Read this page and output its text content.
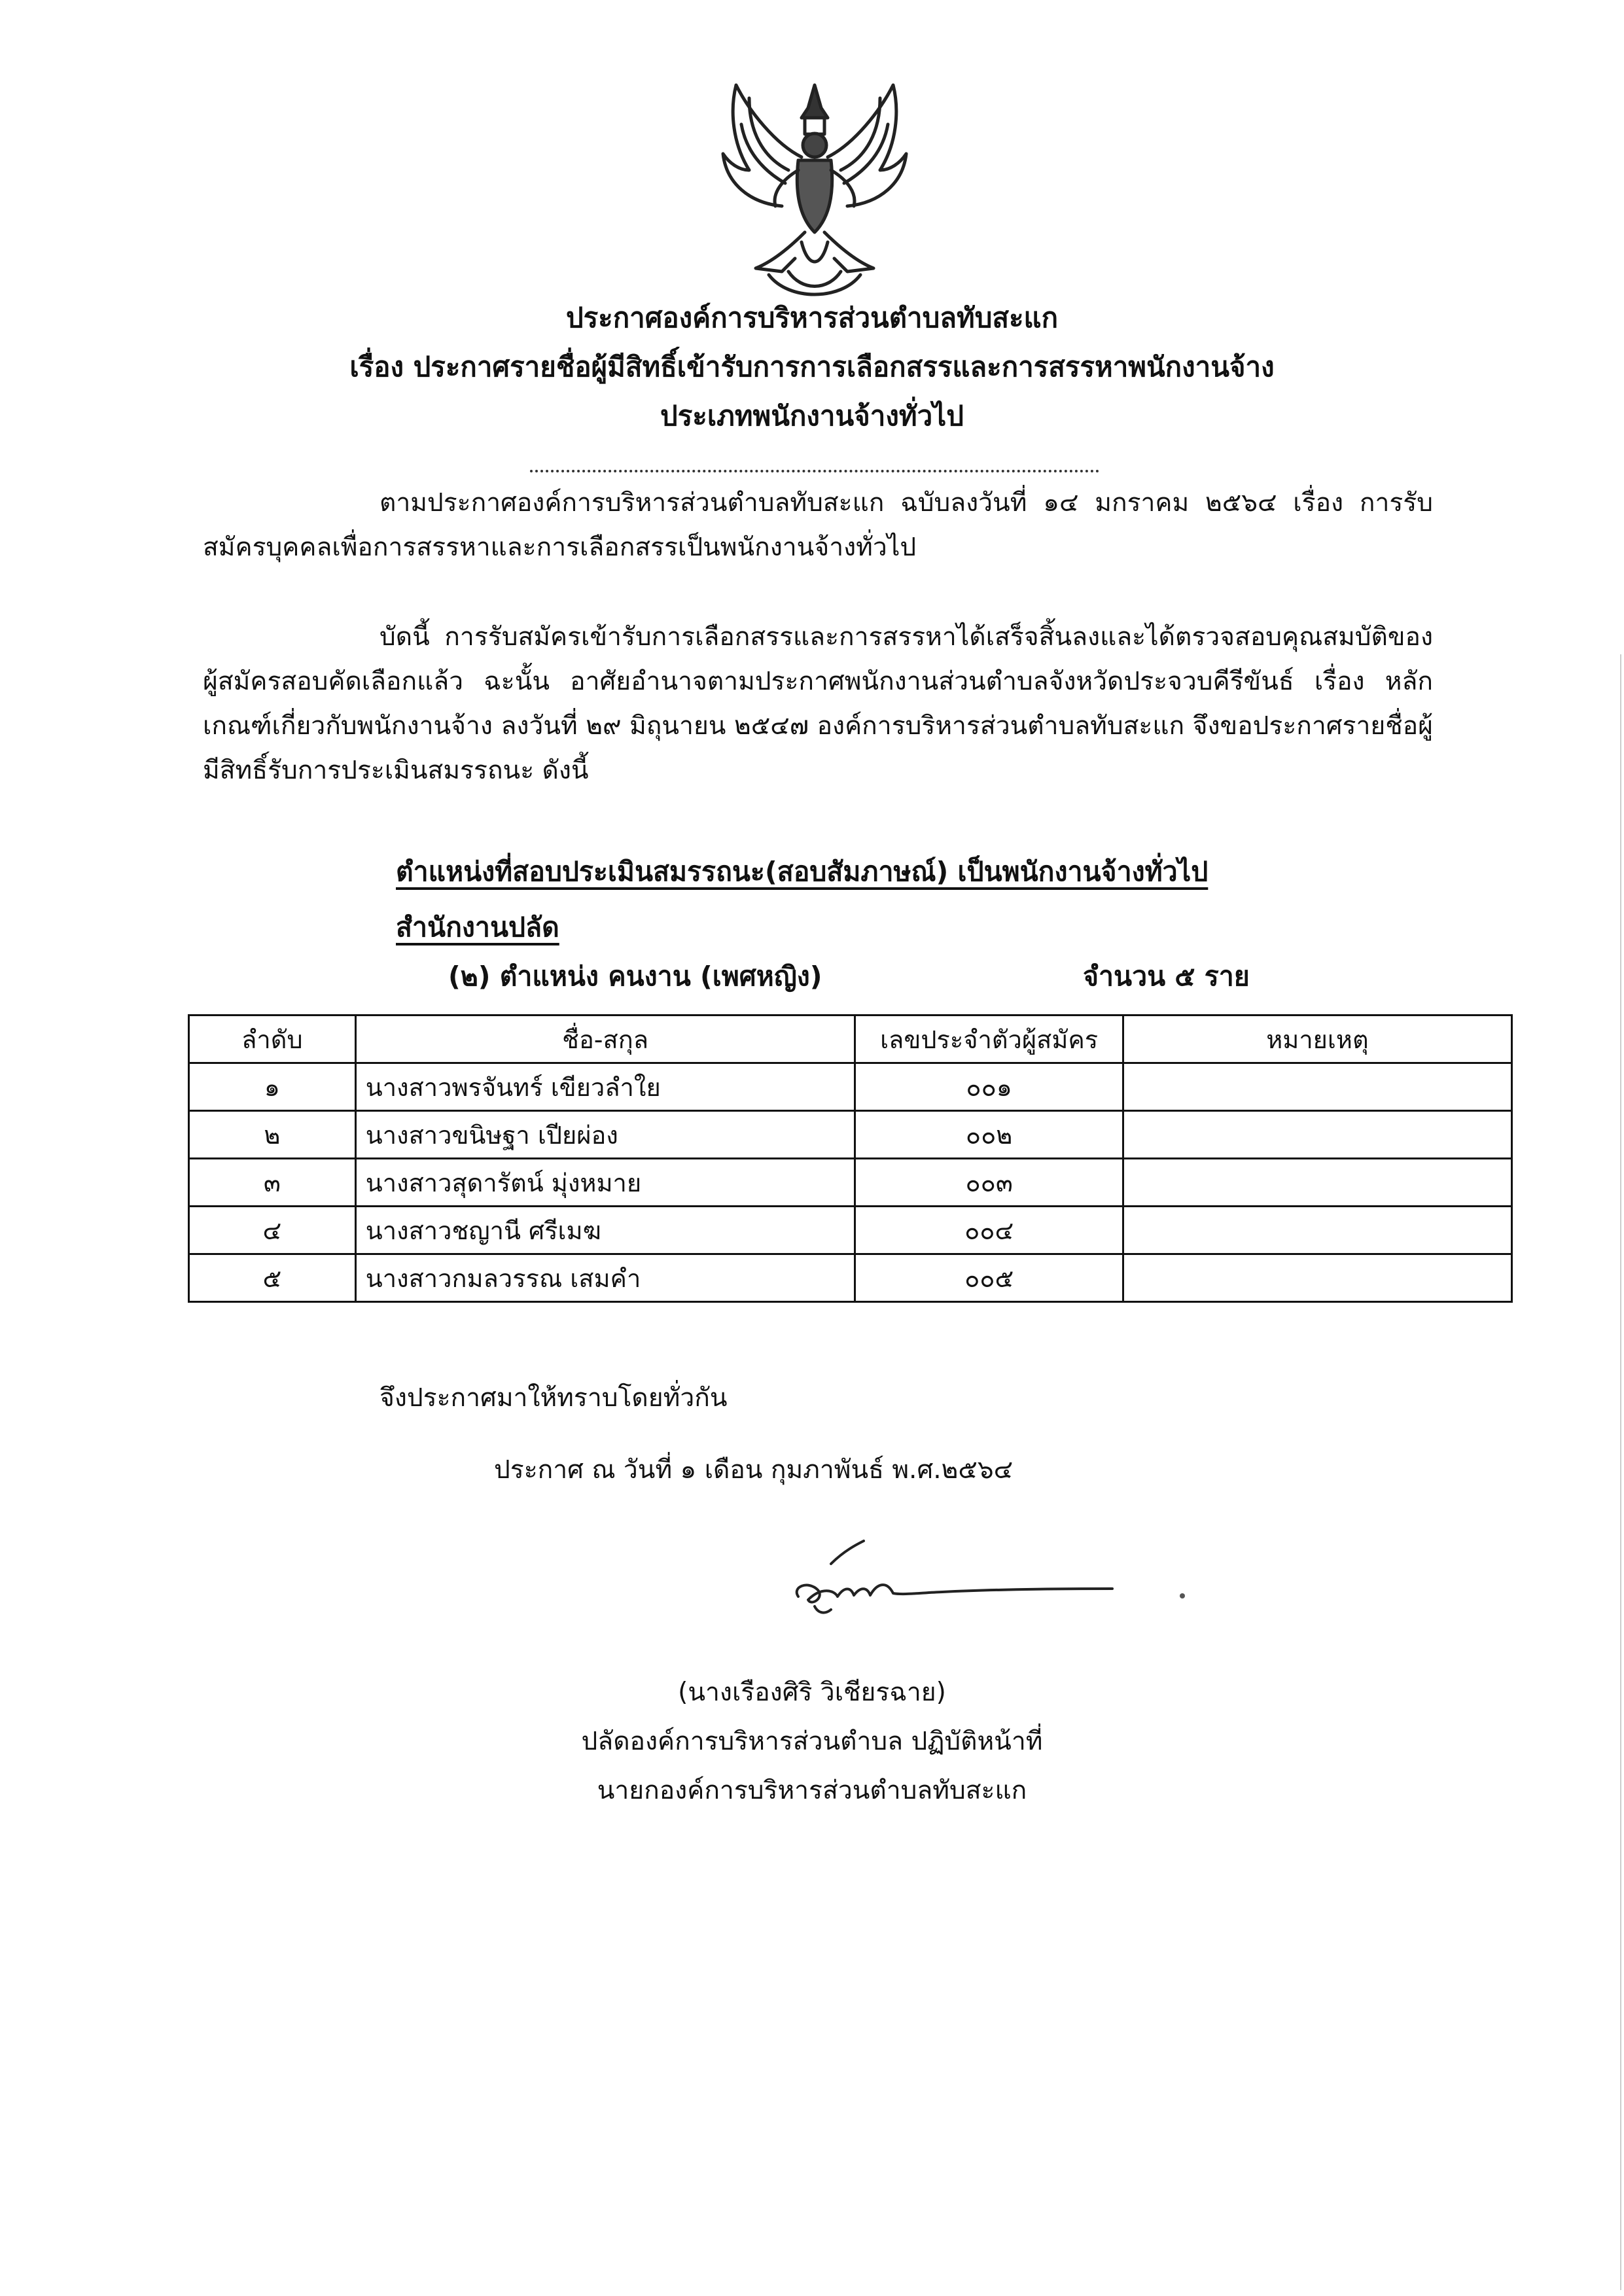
ประกาศองค์การบริหารส่วนตำบลทับสะแก
เรื่อง ประกาศรายชื่อผู้มีสิทธิ์เข้ารับการการเลือกสรรและการสรรหาพนักงานจ้าง
ประเภทพนักงานจ้างทั่วไป

ตามประกาศองค์การบริหารส่วนตำบลทับสะแก ฉบับลงวันที่ ๑๔ มกราคม ๒๕๖๔ เรื่อง การรับสมัครบุคคลเพื่อการสรรหาและการเลือกสรรเป็นพนักงานจ้างทั่วไป

บัดนี้ การรับสมัครเข้ารับการเลือกสรรและการสรรหาได้เสร็จสิ้นลงและได้ตรวจสอบคุณสมบัติของผู้สมัครสอบคัดเลือกแล้ว ฉะนั้น อาศัยอำนาจตามประกาศพนักงานส่วนตำบลจังหวัดประจวบคีรีขันธ์ เรื่อง หลักเกณฑ์เกี่ยวกับพนักงานจ้าง ลงวันที่ ๒๙ มิถุนายน ๒๕๔๗ องค์การบริหารส่วนตำบลทับสะแก จึงขอประกาศรายชื่อผู้มีสิทธิ์รับการประเมินสมรรถนะ ดังนี้

ตำแหน่งที่สอบประเมินสมรรถนะ(สอบสัมภาษณ์) เป็นพนักงานจ้างทั่วไป
สำนักงานปลัด
(๒) ตำแหน่ง คนงาน (เพศหญิง)	จำนวน ๕ ราย
ลำดับ	ชื่อ-สกุล	เลขประจำตัวผู้สมัคร	หมายเหตุ
๑	นางสาวพรจันทร์ เขียวลำใย	๐๐๑	
๒	นางสาวขนิษฐา เปียผ่อง	๐๐๒	
๓	นางสาวสุดารัตน์ มุ่งหมาย	๐๐๓	
๔	นางสาวชญานี ศรีเมฆ	๐๐๔	
๕	นางสาวกมลวรรณ เสมคำ	๐๐๕	
จึงประกาศมาให้ทราบโดยทั่วกัน
ประกาศ ณ วันที่ ๑ เดือน กุมภาพันธ์ พ.ศ.๒๕๖๔
(นางเรืองศิริ วิเชียรฉาย)
ปลัดองค์การบริหารส่วนตำบล ปฏิบัติหน้าที่
นายกองค์การบริหารส่วนตำบลทับสะแก
